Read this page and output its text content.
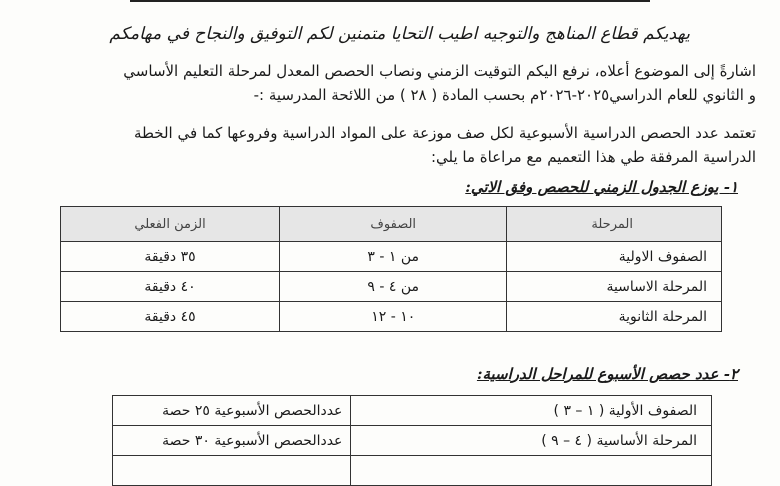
يهديكم قطاع المناهج والتوجيه اطيب التحايا متمنين لكم التوفيق والنجاح في مهامكم
اشارةً إلى الموضوع أعلاه، نرفع اليكم التوقيت الزمني ونصاب الحصص المعدل لمرحلة التعليم الأساسي
و الثانوي للعام الدراسي٢٠٢٥-٢٠٢٦م بحسب المادة ( ٢٨ ) من اللائحة المدرسية :-
تعتمد عدد الحصص الدراسية الأسبوعية لكل صف موزعة على المواد الدراسية وفروعها كما في الخطة
الدراسية المرفقة طي هذا التعميم مع مراعاة ما يلي:
١- يوزع الجدول الزمني للحصص وفق الاتي:
المرحلة	الصفوف	الزمن الفعلي
الصفوف الاولية	من ١ - ٣	٣٥ دقيقة
المرحلة الاساسية	من ٤ - ٩	٤٠ دقيقة
المرحلة الثانوية	١٠ - ١٢	٤٥ دقيقة
٢- عدد حصص الأسبوع للمراحل الدراسية:
الصفوف الأولية ( ١ – ٣ )	عددالحصص الأسبوعية ٢٥ حصة
المرحلة الأساسية ( ٤ – ٩ )	عددالحصص الأسبوعية ٣٠ حصة
